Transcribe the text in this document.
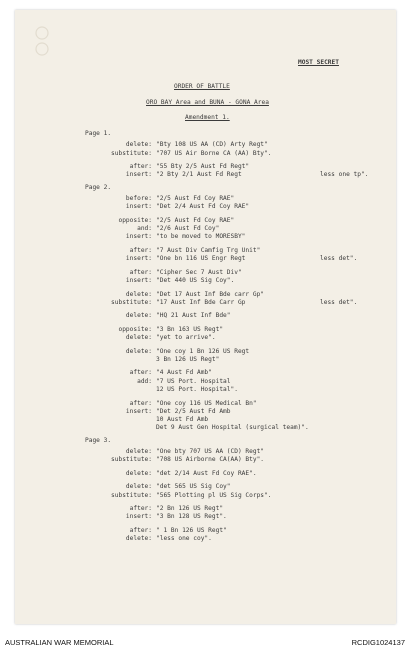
MOST SECRET
ORDER OF BATTLE
ORO BAY Area and BUNA - GONA Area
Amendment 1.
Page 1.
delete: "Bty 108 US AA (CD) Arty Regt"
substitute: "707 US Air Borne CA (AA) Bty".
after: "55 Bty 2/5 Aust Fd Regt"
insert: "2 Bty 2/1 Aust Fd Regt	less one tp".
Page 2.
before: "2/5 Aust Fd Coy RAE"
insert: "Det 2/4 Aust Fd Coy RAE"
opposite: "2/5 Aust Fd Coy RAE"
and: "2/6 Aust Fd Coy"
insert: "to be moved to MORESBY"
after: "7 Aust Div Camfig Trg Unit"
insert: "One bn 116 US Engr Regt	less det".
after: "Cipher Sec 7 Aust Div"
insert: "Det 440 US Sig Coy".
delete: "Det 17 Aust Inf Bde carr Gp"
substitute: "17 Aust Inf Bde Carr Gp	less det".
delete: "HQ 21 Aust Inf Bde"
opposite: "3 Bn 163 US Regt"
delete: "yet to arrive".
delete: "One coy 1 Bn 126 US Regt
3 Bn 126 US Regt"
after: "4 Aust Fd Amb"
add: "7 US Port. Hospital
12 US Port. Hospital".
after: "One coy 116 US Medical Bn"
insert: "Det 2/5 Aust Fd Amb
10 Aust Fd Amb
Det 9 Aust Gen Hospital (surgical team)".
Page 3.
delete: "One bty 707 US AA (CD) Regt"
substitute: "708 US Airborne CA(AA) Bty".
delete: "det 2/14 Aust Fd Coy RAE".
delete: "det 565 US Sig Coy"
substitute: "565 Plotting pl US Sig Corps".
after: "2 Bn 126 US Regt"
insert: "3 Bn 128 US Regt".
after: " 1 Bn 126 US Regt"
delete: "less one coy".
AUSTRALIAN WAR MEMORIAL	RCDIG1024137
